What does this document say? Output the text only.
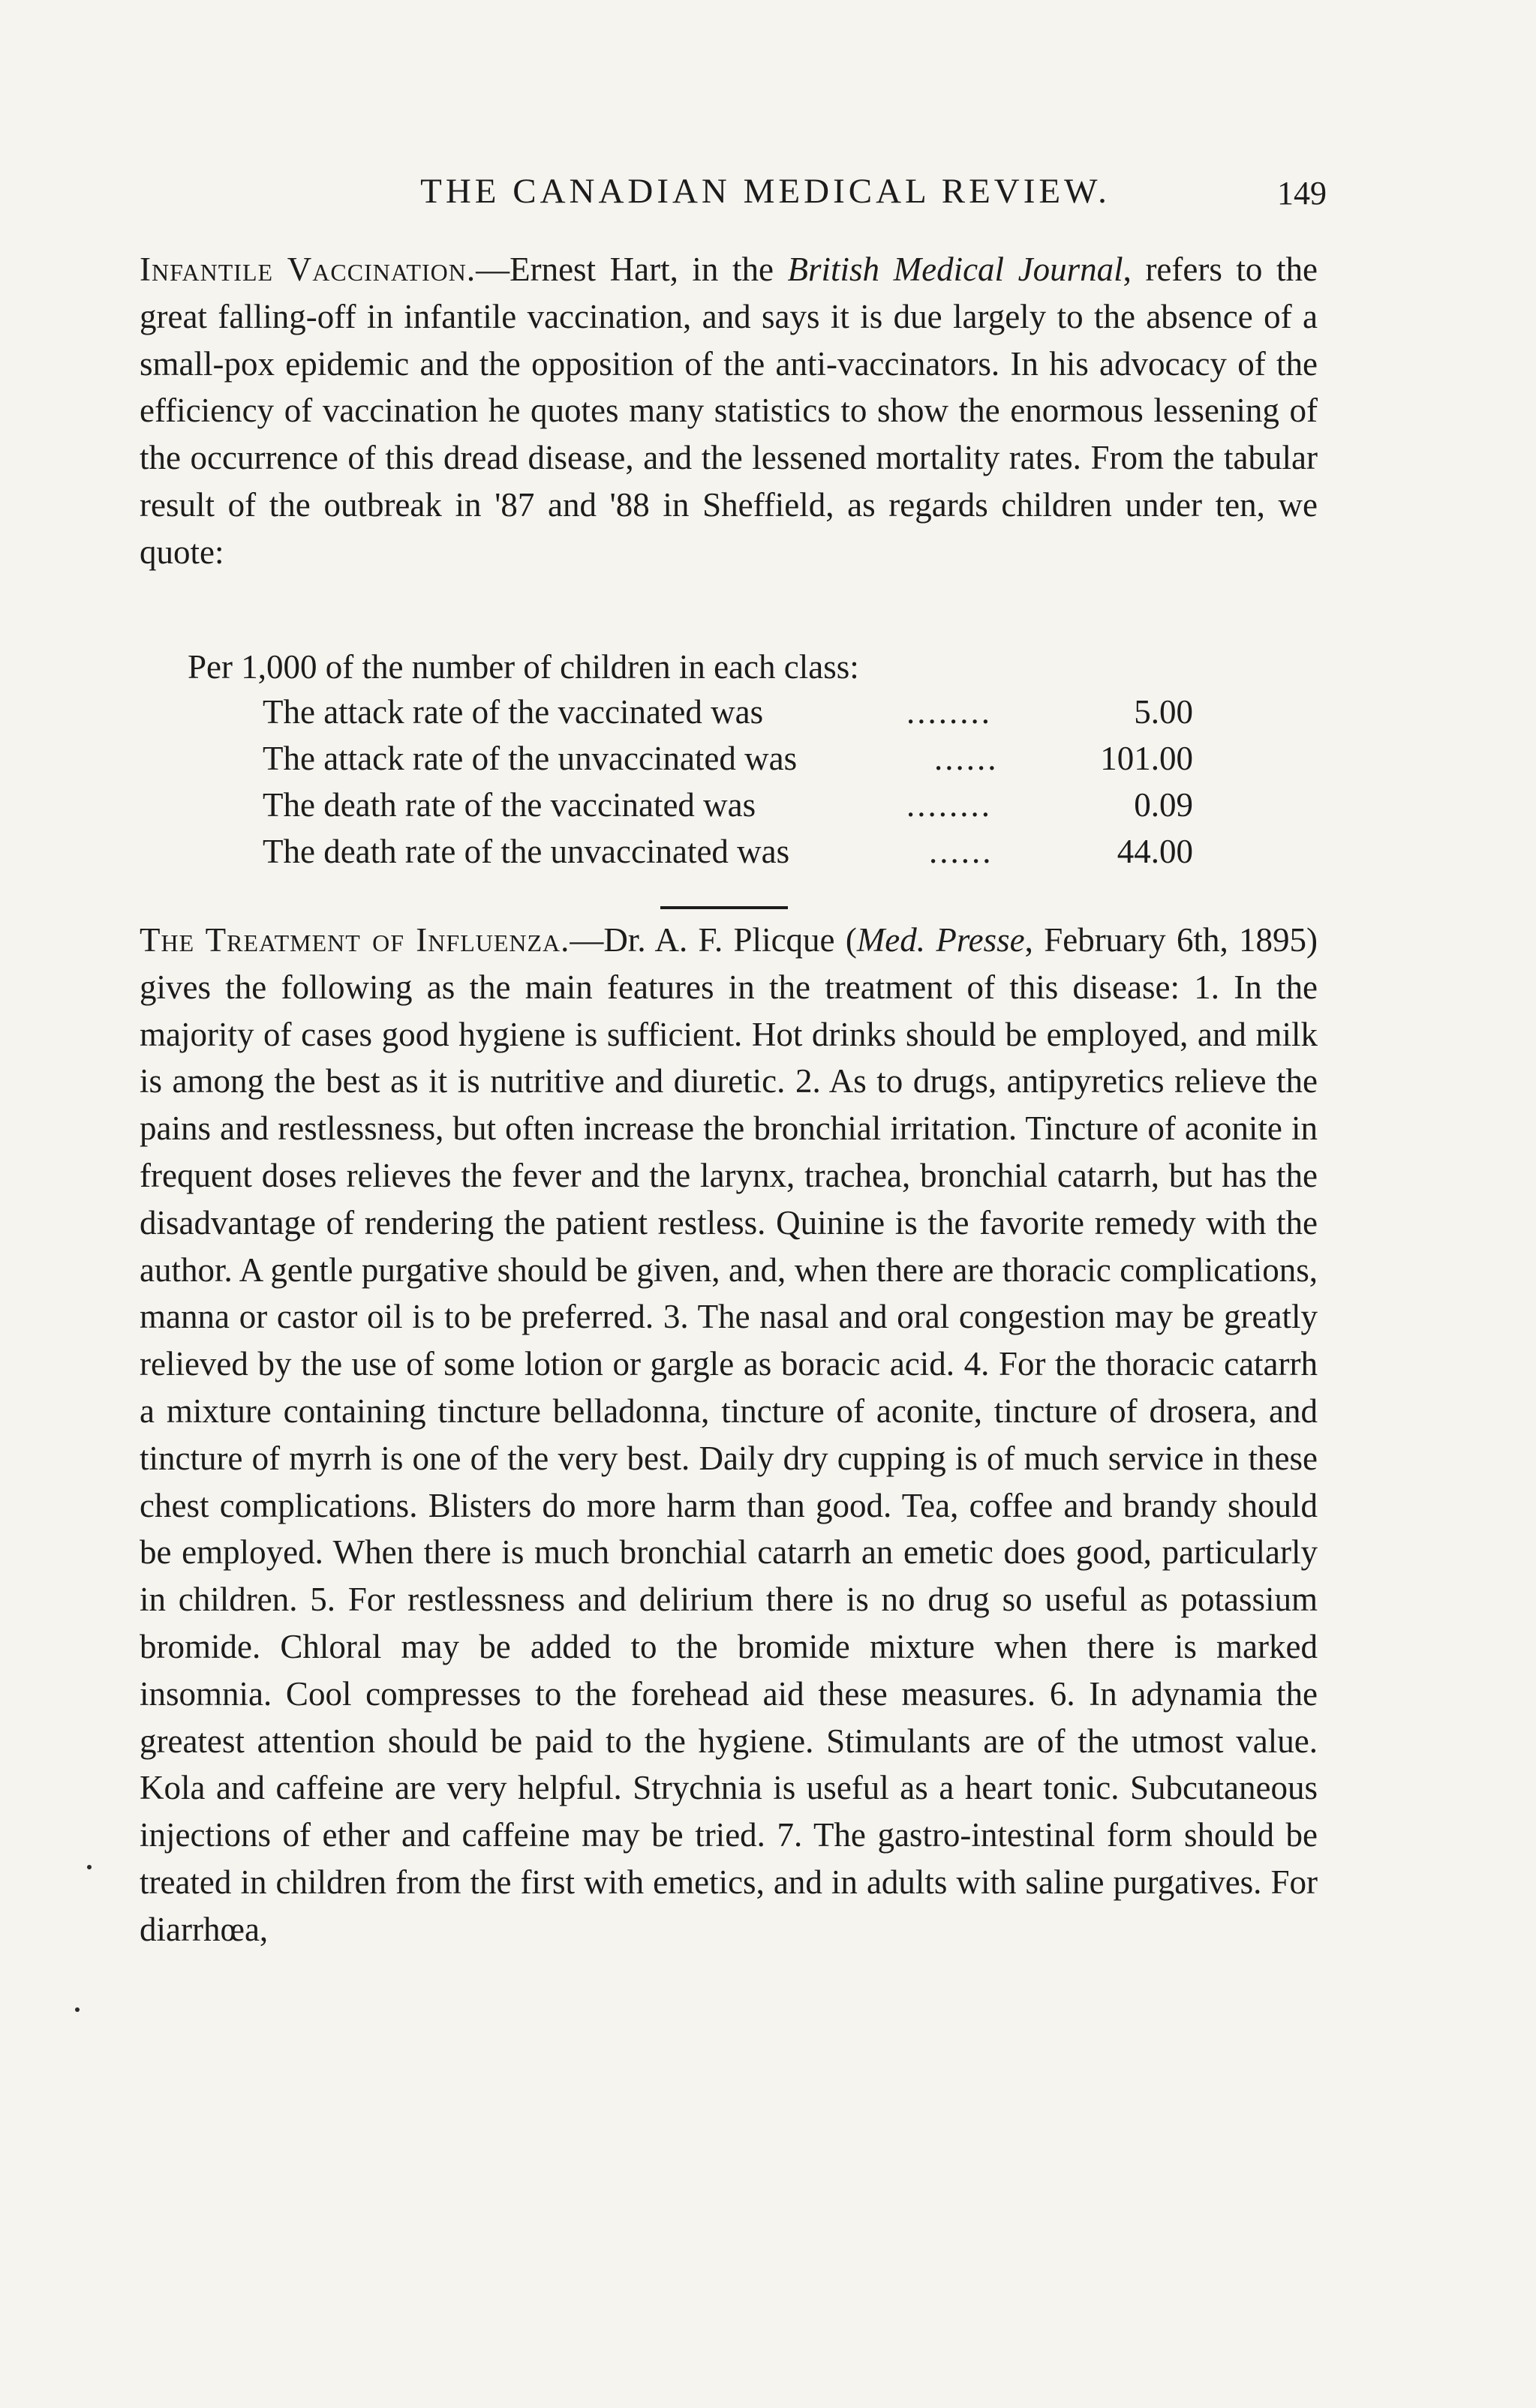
THE CANADIAN MEDICAL REVIEW.	149

Infantile Vaccination.—Ernest Hart, in the British Medical Journal, refers to the great falling-off in infantile vaccination, and says it is due largely to the absence of a small-pox epidemic and the opposition of the anti-vaccinators. In his advocacy of the efficiency of vaccination he quotes many statistics to show the enormous lessening of the occurrence of this dread disease, and the lessened mortality rates. From the tabular result of the outbreak in '87 and '88 in Sheffield, as regards children under ten, we quote:

Per 1,000 of the number of children in each class:
The attack rate of the vaccinated was	........	5.00
The attack rate of the unvaccinated was	......	101.00
The death rate of the vaccinated was	........	0.09
The death rate of the unvaccinated was	......	44.00

The Treatment of Influenza.—Dr. A. F. Plicque (Med. Presse, February 6th, 1895) gives the following as the main features in the treatment of this disease: 1. In the majority of cases good hygiene is sufficient. Hot drinks should be employed, and milk is among the best as it is nutritive and diuretic. 2. As to drugs, antipyretics relieve the pains and restlessness, but often increase the bronchial irritation. Tincture of aconite in frequent doses relieves the fever and the larynx, trachea, bronchial catarrh, but has the disadvantage of rendering the patient restless. Quinine is the favorite remedy with the author. A gentle purgative should be given, and, when there are thoracic complications, manna or castor oil is to be preferred. 3. The nasal and oral congestion may be greatly relieved by the use of some lotion or gargle as boracic acid. 4. For the thoracic catarrh a mixture containing tincture belladonna, tincture of aconite, tincture of drosera, and tincture of myrrh is one of the very best. Daily dry cupping is of much service in these chest complications. Blisters do more harm than good. Tea, coffee and brandy should be employed. When there is much bronchial catarrh an emetic does good, particularly in children. 5. For restlessness and delirium there is no drug so useful as potassium bromide. Chloral may be added to the bromide mixture when there is marked insomnia. Cool compresses to the forehead aid these measures. 6. In adynamia the greatest attention should be paid to the hygiene. Stimulants are of the utmost value. Kola and caffeine are very helpful. Strychnia is useful as a heart tonic. Subcutaneous injections of ether and caffeine may be tried. 7. The gastro-intestinal form should be treated in children from the first with emetics, and in adults with saline purgatives. For diarrhœa,
